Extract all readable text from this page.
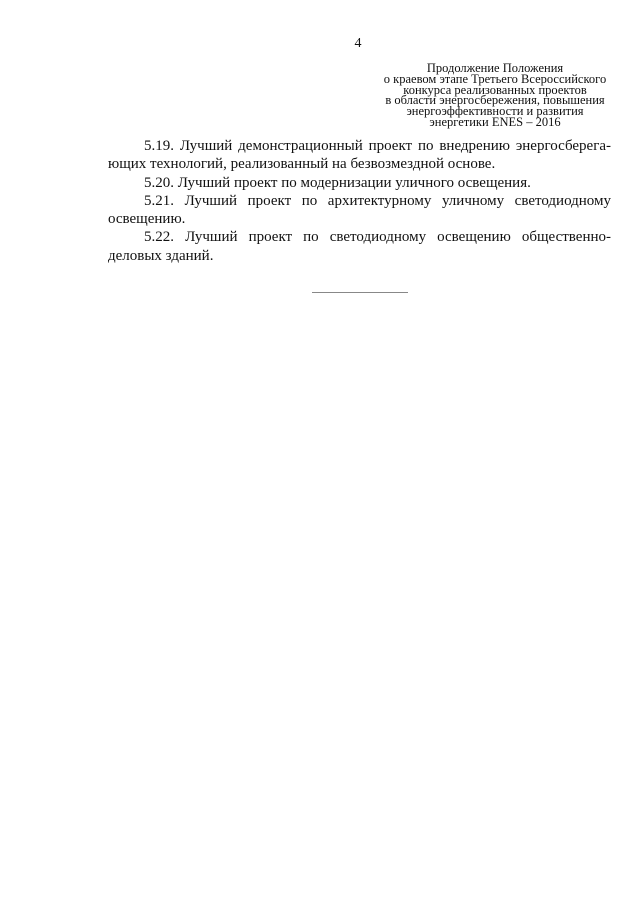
4
Продолжение Положения
о краевом этапе Третьего Всероссийского
конкурса реализованных проектов
в области энергосбережения, повышения
энергоэффективности и развития
энергетики ENES – 2016
5.19. Лучший демонстрационный проект по внедрению энергосберега-
ющих технологий, реализованный на безвозмездной основе.
5.20. Лучший проект по модернизации уличного освещения.
5.21. Лучший проект по архитектурному уличному светодиодному
освещению.
5.22. Лучший проект по светодиодному освещению общественно-
деловых зданий.
